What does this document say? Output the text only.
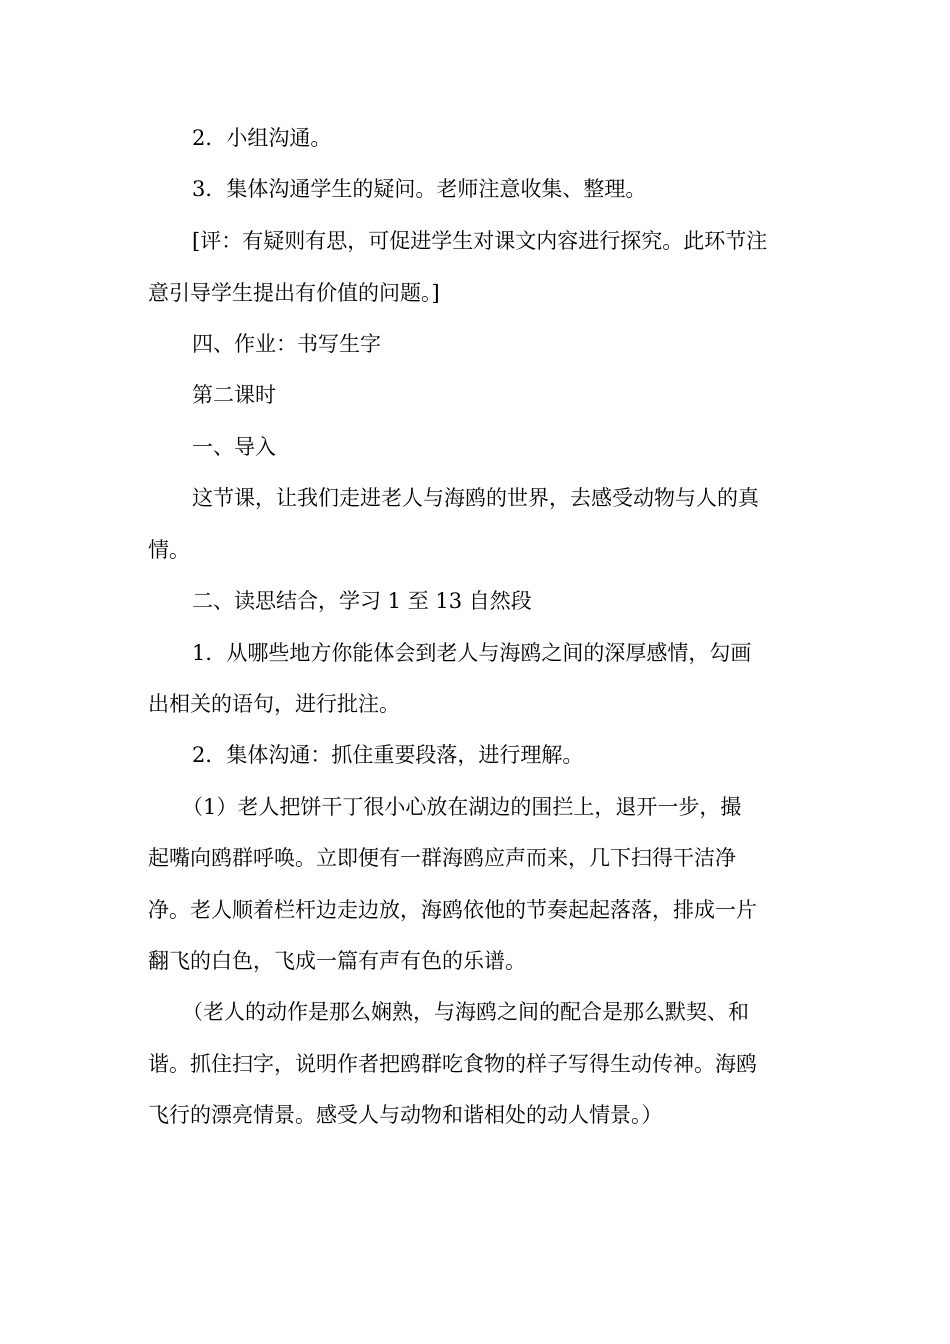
2．小组沟通。
3．集体沟通学生的疑问。老师注意收集、整理。
[评：有疑则有思，可促进学生对课文内容进行探究。此环节注
意引导学生提出有价值的问题。]
四、作业：书写生字
第二课时
一、导入
这节课，让我们走进老人与海鸥的世界，去感受动物与人的真
情。
二、读思结合，学习 1 至 13 自然段
1．从哪些地方你能体会到老人与海鸥之间的深厚感情，勾画
出相关的语句，进行批注。
2．集体沟通：抓住重要段落，进行理解。
（1）老人把饼干丁很小心放在湖边的围拦上，退开一步，撮
起嘴向鸥群呼唤。立即便有一群海鸥应声而来，几下扫得干洁净
净。老人顺着栏杆边走边放，海鸥依他的节奏起起落落，排成一片
翻飞的白色，飞成一篇有声有色的乐谱。
（老人的动作是那么娴熟，与海鸥之间的配合是那么默契、和
谐。抓住扫字，说明作者把鸥群吃食物的样子写得生动传神。海鸥
飞行的漂亮情景。感受人与动物和谐相处的动人情景。）
